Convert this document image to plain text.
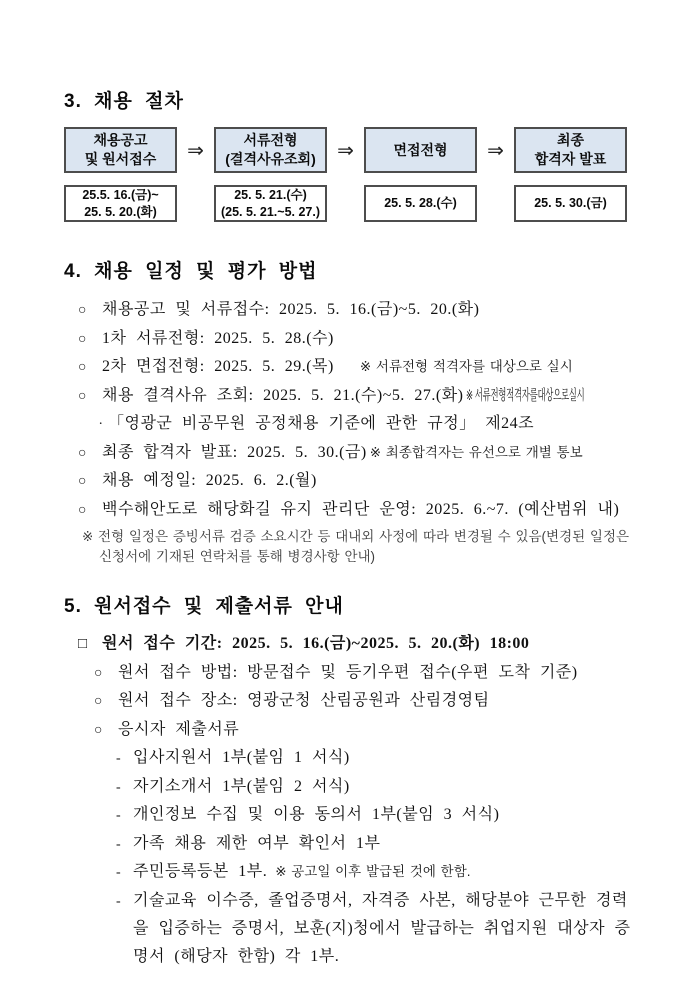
3. 채용 절차
채용공고
및 원서접수
25.5. 16.(금)~
25. 5. 20.(화)
⇒	서류전형
(결격사유조회)
25. 5. 21.(수)
(25. 5. 21.~5. 27.)
⇒	면접전형
25. 5. 28.(수)
⇒	최종
합격자 발표
25. 5. 30.(금)
4. 채용 일정 및 평가 방법
○ 채용공고 및 서류접수: 2025. 5. 16.(금)~5. 20.(화)
○ 1차 서류전형: 2025. 5. 28.(수)
○ 2차 면접전형: 2025. 5. 29.(목) ※ 서류전형 적격자를 대상으로 실시
○ 채용 결격사유 조회: 2025. 5. 21.(수)~5. 27.(화) ※ 서류전형적격자를대상으로실시
· 「영광군 비공무원 공정채용 기준에 관한 규정」 제24조
○ 최종 합격자 발표: 2025. 5. 30.(금) ※ 최종합격자는 유선으로 개별 통보
○ 채용 예정일: 2025. 6. 2.(월)
○ 백수해안도로 해당화길 유지 관리단 운영: 2025. 6.~7. (예산범위 내)
※ 전형 일정은 증빙서류 검증 소요시간 등 대내외 사정에 따라 변경될 수 있음(변경된 일정은
신청서에 기재된 연락처를 통해 병경사항 안내)
5. 원서접수 및 제출서류 안내
□ 원서 접수 기간: 2025. 5. 16.(금)~2025. 5. 20.(화) 18:00
○ 원서 접수 방법: 방문접수 및 등기우편 접수(우편 도착 기준)
○ 원서 접수 장소: 영광군청 산림공원과 산림경영팀
○ 응시자 제출서류
- 입사지원서 1부(붙임 1 서식)
- 자기소개서 1부(붙임 2 서식)
- 개인정보 수집 및 이용 동의서 1부(붙임 3 서식)
- 가족 채용 제한 여부 확인서 1부
- 주민등록등본 1부. ※ 공고일 이후 발급된 것에 한함.
- 기술교육 이수증, 졸업증명서, 자격증 사본, 해당분야 근무한 경력을 입증하는 증명서, 보훈(지)청에서 발급하는 취업지원 대상자 증명서 (해당자 한함) 각 1부.
